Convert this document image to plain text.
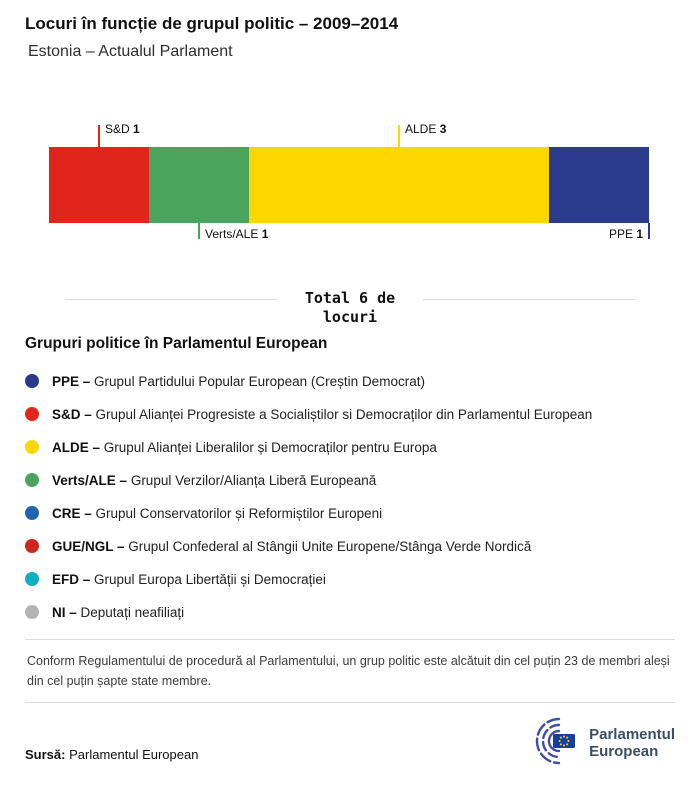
Locuri în funcție de grupul politic – 2009–2014
Estonia – Actualul Parlament
S&D 1
Verts/ALE 1
ALDE 3
PPE 1
Total 6 de locuri
Grupuri politice în Parlamentul European
PPE – Grupul Partidului Popular European (Creștin Democrat)
S&D – Grupul Alianței Progresiste a Socialiștilor si Democraților din Parlamentul European
ALDE – Grupul Alianței Liberalilor și Democraților pentru Europa
Verts/ALE – Grupul Verzilor/Alianța Liberă Europeană
CRE – Grupul Conservatorilor și Reformiștilor Europeni
GUE/NGL – Grupul Confederal al Stângii Unite Europene/Stânga Verde Nordică
EFD – Grupul Europa Libertății și Democrației
NI – Deputați neafiliați
Conform Regulamentului de procedură al Parlamentului, un grup politic este alcătuit din cel puțin 23 de membri aleși din cel puțin șapte state membre.
Sursă: Parlamentul European
Parlamentul
European
